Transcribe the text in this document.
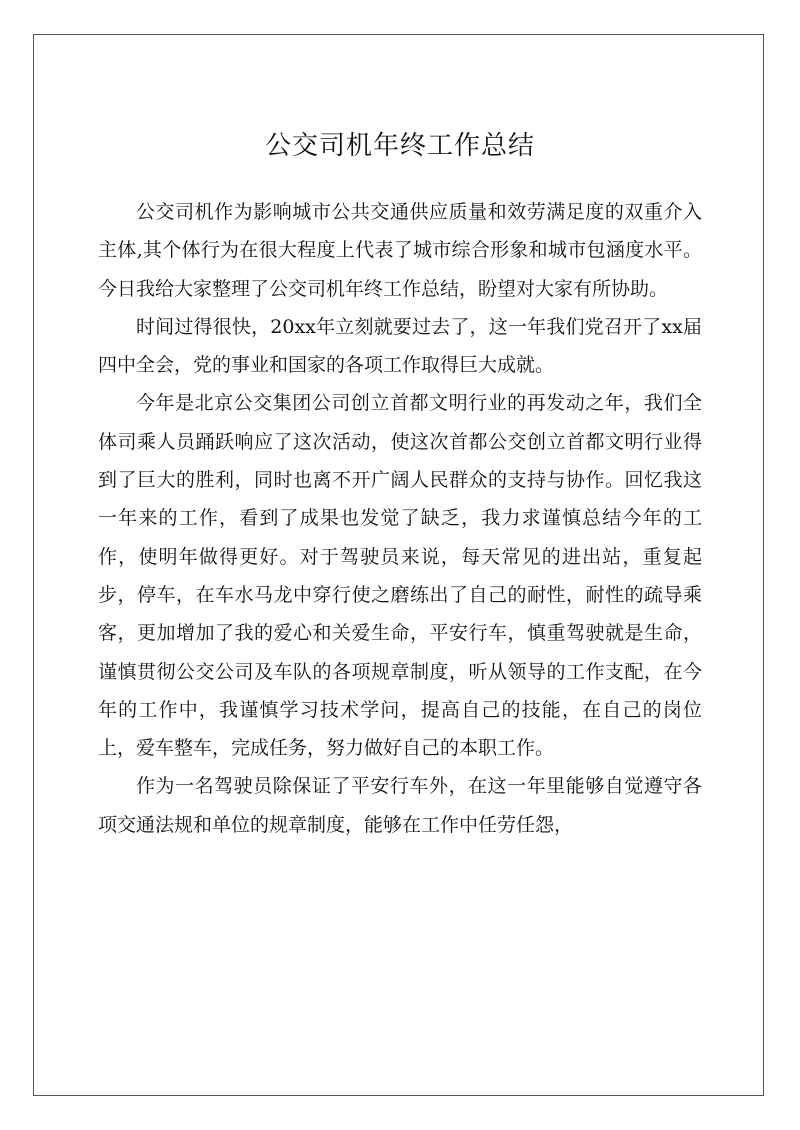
公交司机年终工作总结

公交司机作为影响城市公共交通供应质量和效劳满足度的双重介入主体,其个体行为在很大程度上代表了城市综合形象和城市包涵度水平。今日我给大家整理了公交司机年终工作总结，盼望对大家有所协助。

时间过得很快，20xx年立刻就要过去了，这一年我们党召开了xx届四中全会，党的事业和国家的各项工作取得巨大成就。

今年是北京公交集团公司创立首都文明行业的再发动之年，我们全体司乘人员踊跃响应了这次活动，使这次首都公交创立首都文明行业得到了巨大的胜利，同时也离不开广阔人民群众的支持与协作。回忆我这一年来的工作，看到了成果也发觉了缺乏，我力求谨慎总结今年的工作，使明年做得更好。对于驾驶员来说，每天常见的进出站，重复起步，停车，在车水马龙中穿行使之磨练出了自己的耐性，耐性的疏导乘客，更加增加了我的爱心和关爱生命，平安行车，慎重驾驶就是生命，谨慎贯彻公交公司及车队的各项规章制度，听从领导的工作支配，在今年的工作中，我谨慎学习技术学问，提高自己的技能，在自己的岗位上，爱车整车，完成任务，努力做好自己的本职工作。

作为一名驾驶员除保证了平安行车外，在这一年里能够自觉遵守各项交通法规和单位的规章制度，能够在工作中任劳任怨，
